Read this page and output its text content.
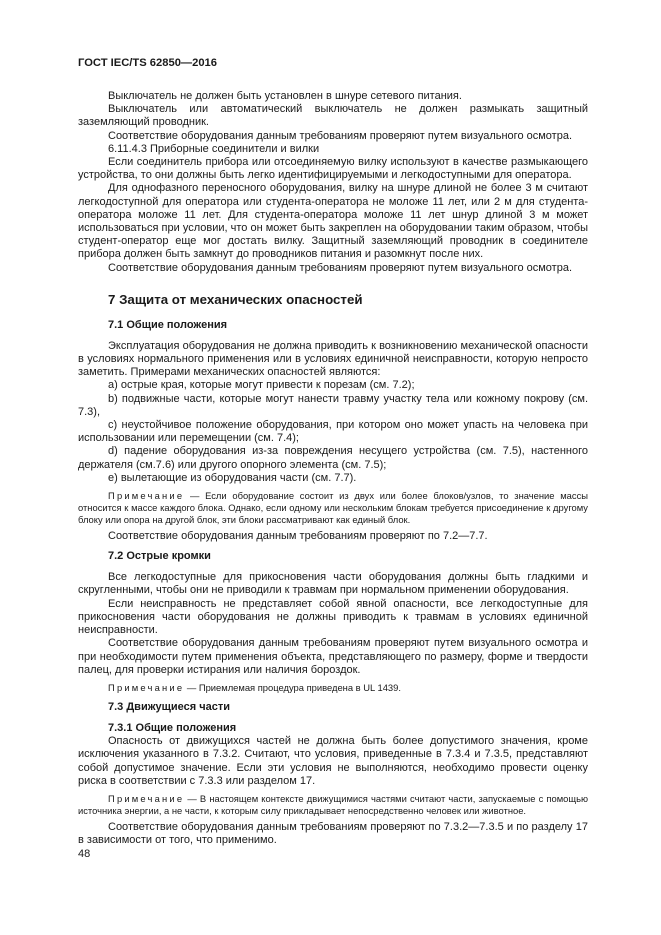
ГОСТ IEC/TS 62850—2016

Выключатель не должен быть установлен в шнуре сетевого питания.

Выключатель или автоматический выключатель не должен размыкать защитный заземляющий проводник.

Соответствие оборудования данным требованиям проверяют путем визуального осмотра.

6.11.4.3 Приборные соединители и вилки

Если соединитель прибора или отсоединяемую вилку используют в качестве размыкающего устройства, то они должны быть легко идентифицируемыми и легкодоступными для оператора.

Для однофазного переносного оборудования, вилку на шнуре длиной не более 3 м считают легкодоступной для оператора или студента-оператора не моложе 11 лет, или 2 м для студента-оператора моложе 11 лет. Для студента-оператора моложе 11 лет шнур длиной 3 м может использоваться при условии, что он может быть закреплен на оборудовании таким образом, чтобы студент-оператор еще мог достать вилку. Защитный заземляющий проводник в соединителе прибора должен быть замкнут до проводников питания и разомкнут после них.

Соответствие оборудования данным требованиям проверяют путем визуального осмотра.

7 Защита от механических опасностей
7.1 Общие положения

Эксплуатация оборудования не должна приводить к возникновению механической опасности в условиях нормального применения или в условиях единичной неисправности, которую непросто заметить. Примерами механических опасностей являются:

a) острые края, которые могут привести к порезам (см. 7.2);

b) подвижные части, которые могут нанести травму участку тела или кожному покрову (см. 7.3),

c) неустойчивое положение оборудования, при котором оно может упасть на человека при использовании или перемещении (см. 7.4);

d) падение оборудования из-за повреждения несущего устройства (см. 7.5), настенного держателя (см.7.6) или другого опорного элемента (см. 7.5);

e) вылетающие из оборудования части (см. 7.7).

Примечание — Если оборудование состоит из двух или более блоков/узлов, то значение массы относится к массе каждого блока. Однако, если одному или нескольким блокам требуется присоединение к другому блоку или опора на другой блок, эти блоки рассматривают как единый блок.

Соответствие оборудования данным требованиям проверяют по 7.2—7.7.

7.2 Острые кромки

Все легкодоступные для прикосновения части оборудования должны быть гладкими и скругленными, чтобы они не приводили к травмам при нормальном применении оборудования.

Если неисправность не представляет собой явной опасности, все легкодоступные для прикосновения части оборудования не должны приводить к травмам в условиях единичной неисправности.

Соответствие оборудования данным требованиям проверяют путем визуального осмотра и при необходимости путем применения объекта, представляющего по размеру, форме и твердости палец, для проверки истирания или наличия бороздок.

Примечание — Приемлемая процедура приведена в UL 1439.

7.3 Движущиеся части
7.3.1 Общие положения

Опасность от движущихся частей не должна быть более допустимого значения, кроме исключения указанного в 7.3.2. Считают, что условия, приведенные в 7.3.4 и 7.3.5, представляют собой допустимое значение. Если эти условия не выполняются, необходимо провести оценку риска в соответствии с 7.3.3 или разделом 17.

Примечание — В настоящем контексте движущимися частями считают части, запускаемые с помощью источника энергии, а не части, к которым силу прикладывает непосредственно человек или животное.

Соответствие оборудования данным требованиям проверяют по 7.3.2—7.3.5 и по разделу 17 в зависимости от того, что применимо.

48
